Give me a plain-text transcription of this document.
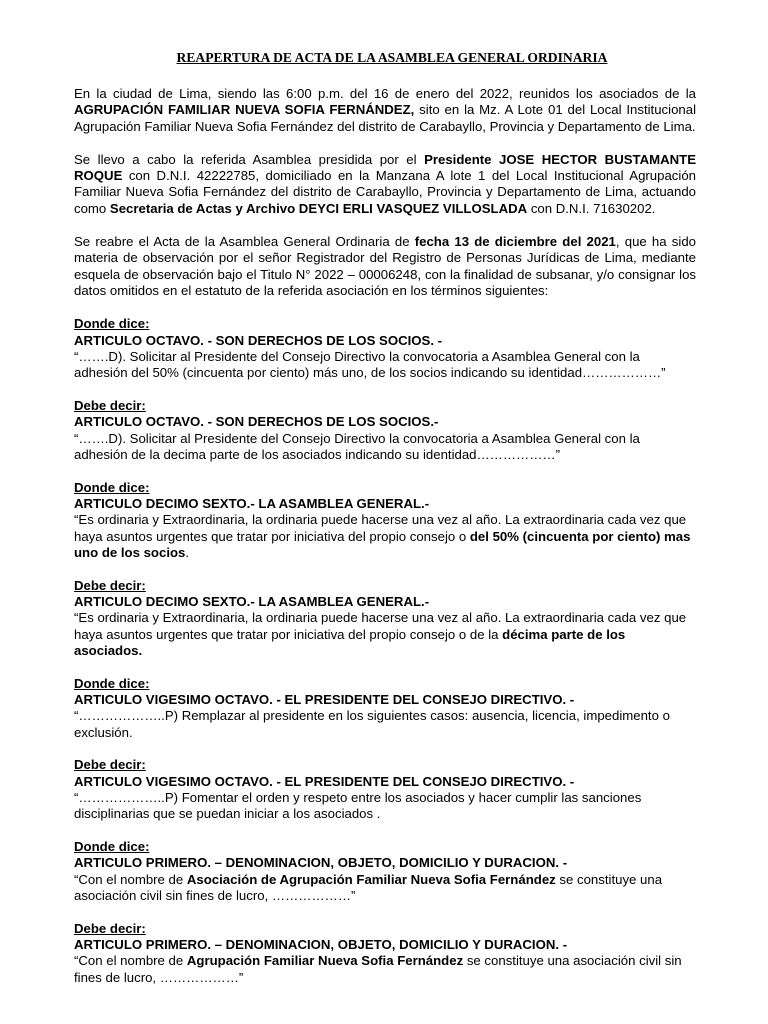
REAPERTURA DE ACTA DE LA ASAMBLEA GENERAL ORDINARIA
En la ciudad de Lima, siendo las 6:00 p.m. del 16 de enero del 2022, reunidos los asociados de la AGRUPACIÓN FAMILIAR NUEVA SOFIA FERNÁNDEZ, sito en la Mz. A Lote 01 del Local Institucional Agrupación Familiar Nueva Sofia Fernández del distrito de Carabayllo, Provincia y Departamento de Lima.
Se llevo a cabo la referida Asamblea presidida por el Presidente JOSE HECTOR BUSTAMANTE ROQUE con D.N.I. 42222785, domiciliado en la Manzana A lote 1 del Local Institucional Agrupación Familiar Nueva Sofia Fernández del distrito de Carabayllo, Provincia y Departamento de Lima, actuando como Secretaria de Actas y Archivo DEYCI ERLI VASQUEZ VILLOSLADA con D.N.I. 71630202.
Se reabre el Acta de la Asamblea General Ordinaria de fecha 13 de diciembre del 2021, que ha sido materia de observación por el señor Registrador del Registro de Personas Jurídicas de Lima, mediante esquela de observación bajo el Titulo N° 2022 – 00006248, con la finalidad de subsanar, y/o consignar los datos omitidos en el estatuto de la referida asociación en los términos siguientes:
Donde dice:
ARTICULO OCTAVO. - SON DERECHOS DE LOS SOCIOS. -
“…….D). Solicitar al Presidente del Consejo Directivo la convocatoria a Asamblea General con la adhesión del 50% (cincuenta por ciento) más uno, de los socios indicando su identidad………………”
Debe decir:
ARTICULO OCTAVO. - SON DERECHOS DE LOS SOCIOS.-
“…….D). Solicitar al Presidente del Consejo Directivo la convocatoria a Asamblea General con la adhesión de la decima parte de los asociados indicando su identidad………………”
Donde dice:
ARTICULO DECIMO SEXTO.- LA ASAMBLEA GENERAL.-
“Es ordinaria y Extraordinaria, la ordinaria puede hacerse una vez al año. La extraordinaria cada vez que haya asuntos urgentes que tratar por iniciativa del propio consejo o del 50% (cincuenta por ciento) mas uno de los socios.
Debe decir:
ARTICULO DECIMO SEXTO.- LA ASAMBLEA GENERAL.-
“Es ordinaria y Extraordinaria, la ordinaria puede hacerse una vez al año. La extraordinaria cada vez que haya asuntos urgentes que tratar por iniciativa del propio consejo o de la décima parte de los asociados.
Donde dice:
ARTICULO VIGESIMO OCTAVO. - EL PRESIDENTE DEL CONSEJO DIRECTIVO. -
“………………..P) Remplazar al presidente en los siguientes casos: ausencia, licencia, impedimento o exclusión.
Debe decir:
ARTICULO VIGESIMO OCTAVO. - EL PRESIDENTE DEL CONSEJO DIRECTIVO. -
“………………..P) Fomentar el orden y respeto entre los asociados y hacer cumplir las sanciones disciplinarias que se puedan iniciar a los asociados .
Donde dice:
ARTICULO PRIMERO. – DENOMINACION, OBJETO, DOMICILIO Y DURACION. -
“Con el nombre de Asociación de Agrupación Familiar Nueva Sofia Fernández se constituye una asociación civil sin fines de lucro, ………………”
Debe decir:
ARTICULO PRIMERO. – DENOMINACION, OBJETO, DOMICILIO Y DURACION. -
“Con el nombre de Agrupación Familiar Nueva Sofia Fernández se constituye una asociación civil sin fines de lucro, ………………”
